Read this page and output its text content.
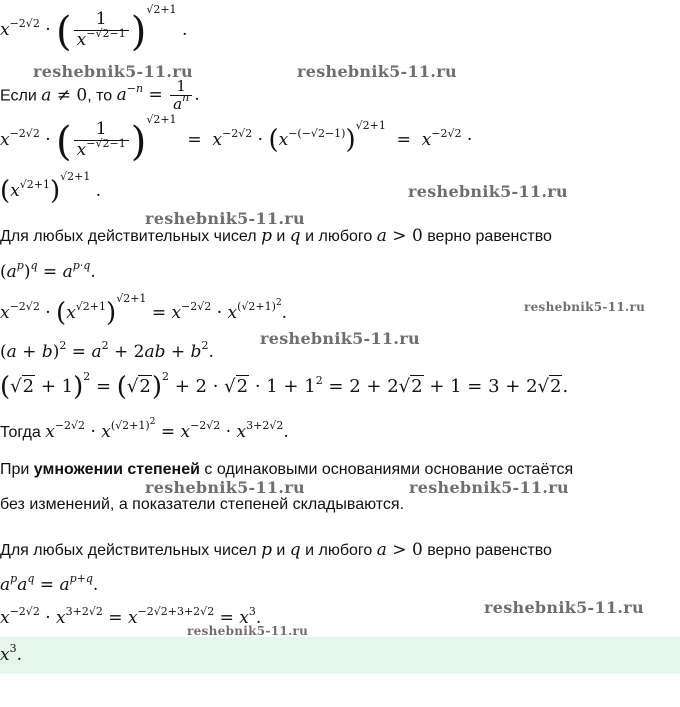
$x^{-2√2}$ · ( $\frac{1}{x^{-√2-1}} )^{√2+1}$ .
Если a ≠ 0, то $a^{-n} = \frac{1}{a^n}$ .
$x^{-2√2}$ · ( $\frac{1}{x^{-√2-1}} )^{√2+1} = x^{-2√2} \cdot (x^{-(-√2-1)})^{√2+1} = x^{-2√2}$ ·
$(x^{√2+1})^{√2+1}$ .
Для любых действительных чисел p и q и любого a > 0 верно равенство
$(a^p)^q = a^{p\cdot q}$.
$x^{-2√2} \cdot (x^{√2+1})^{√2+1} = x^{-2√2} \cdot x^{(√2+1)^2}$.
$(a + b)^2 = a^2 + 2ab + b^2$.
$(√2 + 1)^2 = (√2)^2 + 2 \cdot √2 \cdot 1 + 1^2 = 2 + 2√2 + 1 = 3 + 2√2$.
Тогда $x^{-2√2} \cdot x^{(√2+1)^2} = x^{-2√2} \cdot x^{3+2√2}$.
При умножении степеней с одинаковыми основаниями основание остаётся
без изменений, а показатели степеней складываются.
Для любых действительных чисел p и q и любого a > 0 верно равенство
$a^pa^q = a^{p+q}$.
$x^{-2√2} \cdot x^{3+2√2} = x^{-2√2+3+2√2} = x^3$.
$x^3$.
reshebnik5-11.ru	reshebnik5-11.ru
reshebnik5-11.ru
reshebnik5-11.ru
reshebnik5-11.ru
reshebnik5-11.ru
reshebnik5-11.ru	reshebnik5-11.ru
reshebnik5-11.ru
reshebnik5-11.ru
